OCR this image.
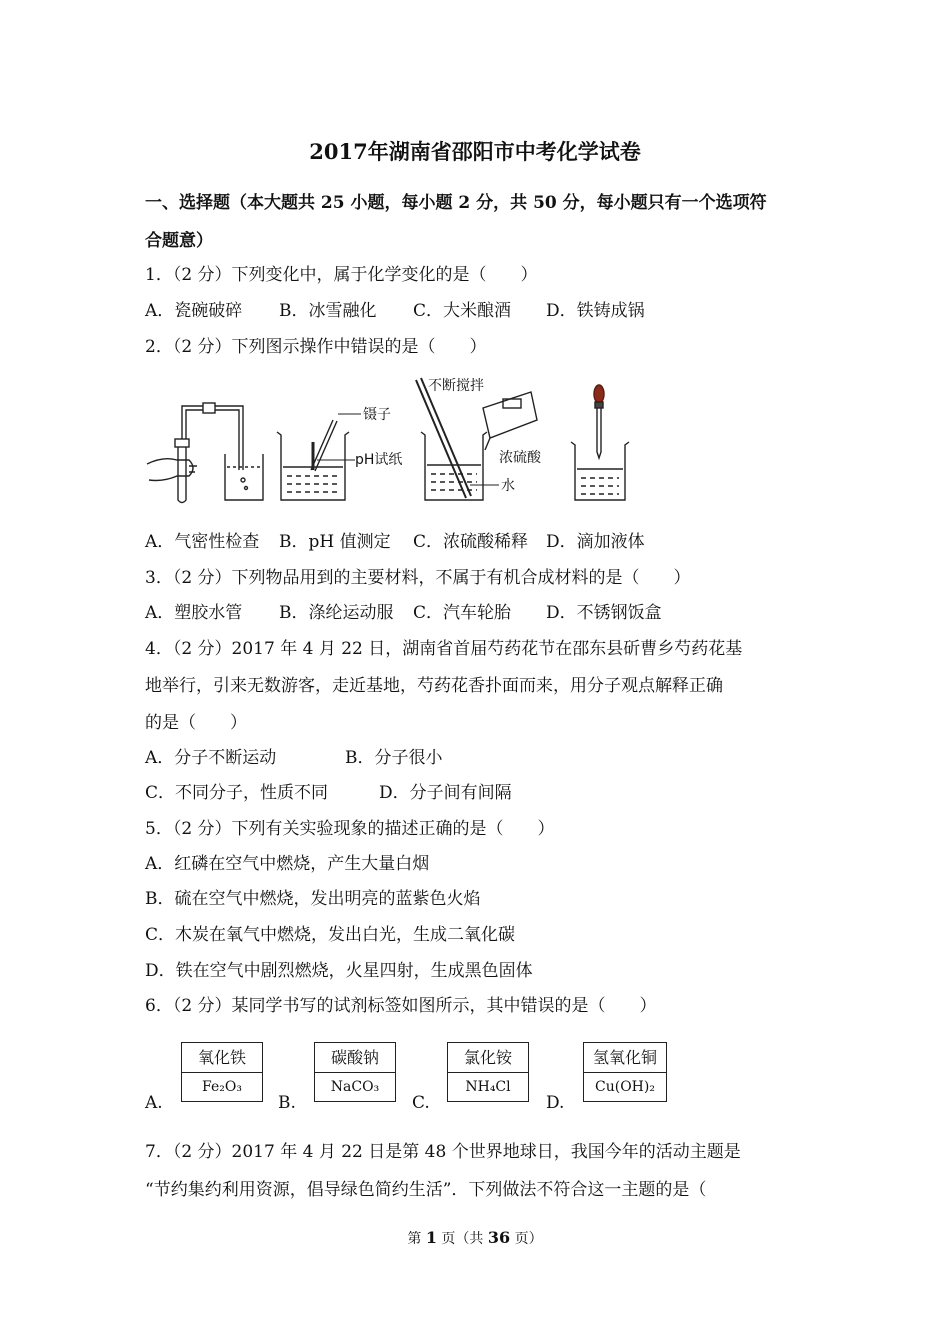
2017年湖南省邵阳市中考化学试卷
一、选择题（本大题共 25 小题，每小题 2 分，共 50 分，每小题只有一个选项符
合题意）
1．（2 分）下列变化中，属于化学变化的是（　　）
A．瓷碗破碎 B．冰雪融化 C．大米酿酒 D．铁铸成锅
2．（2 分）下列图示操作中错误的是（　　）
镊子
pH试纸
不断搅拌
浓硫酸
水
A．气密性检查 B．pH 值测定 C．浓硫酸稀释 D．滴加液体
3．（2 分）下列物品用到的主要材料，不属于有机合成材料的是（　　）
A．塑胶水管 B．涤纶运动服 C．汽车轮胎 D．不锈钢饭盒
4．（2 分）2017 年 4 月 22 日，湖南省首届芍药花节在邵东县斫曹乡芍药花基
地举行，引来无数游客，走近基地，芍药花香扑面而来，用分子观点解释正确
的是（　　）
A．分子不断运动	B．分子很小
C．不同分子，性质不同	D．分子间有间隔
5．（2 分）下列有关实验现象的描述正确的是（　　）
A．红磷在空气中燃烧，产生大量白烟
B．硫在空气中燃烧，发出明亮的蓝紫色火焰
C．木炭在氧气中燃烧，发出白光，生成二氧化碳
D．铁在空气中剧烈燃烧，火星四射，生成黑色固体
6．（2 分）某同学书写的试剂标签如图所示，其中错误的是（　　）
A.
氧化铁
Fe₂O₃
B.
碳酸钠
NaCO₃
C.
氯化铵
NH₄Cl
D.
氢氧化铜
Cu(OH)₂
7．（2 分）2017 年 4 月 22 日是第 48 个世界地球日，我国今年的活动主题是
“节约集约利用资源，倡导绿色简约生活”．下列做法不符合这一主题的是（
第 1 页（共 36 页）
